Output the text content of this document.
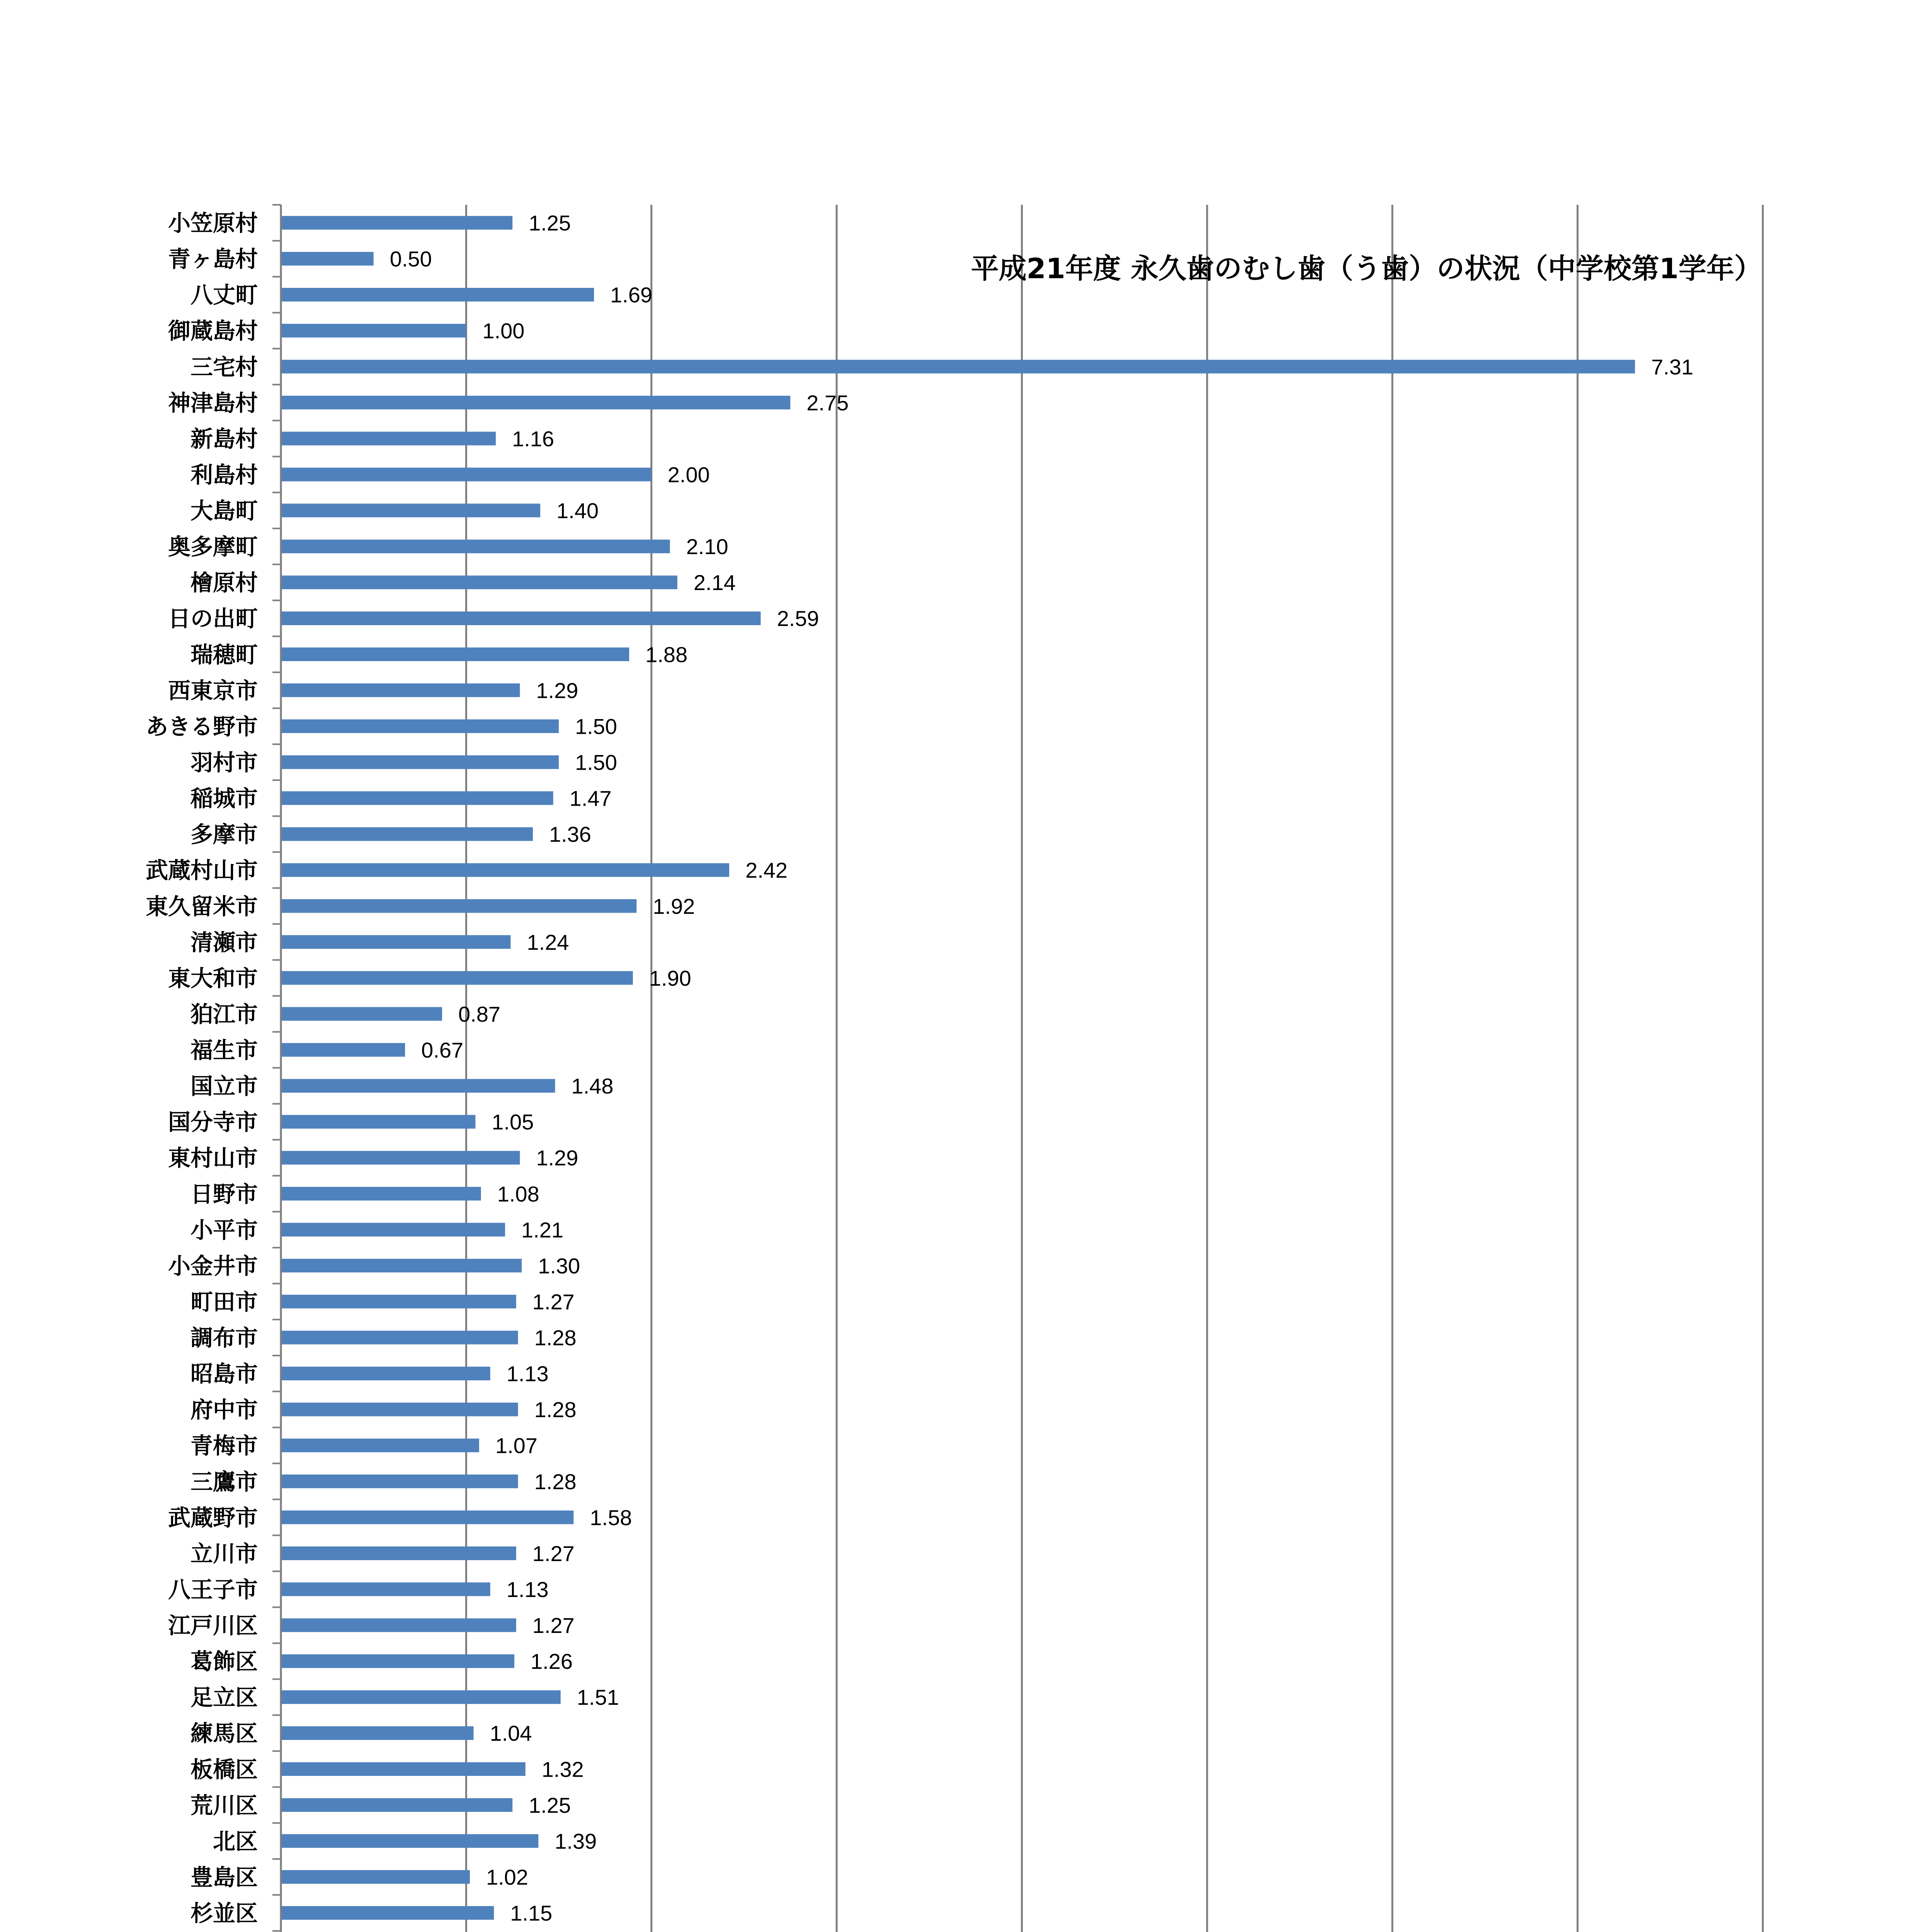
1.25
小笠原村
0.50
青ヶ島村
1.69
八丈町
1.00
御蔵島村
7.31
三宅村
2.75
神津島村
1.16
新島村
2.00
利島村
1.40
大島町
2.10
奥多摩町
2.14
檜原村
2.59
日の出町
1.88
瑞穂町
1.29
西東京市
1.50
あきる野市
1.50
羽村市
1.47
稲城市
1.36
多摩市
2.42
武蔵村山市
1.92
東久留米市
1.24
清瀬市
1.90
東大和市
0.87
狛江市
0.67
福生市
1.48
国立市
1.05
国分寺市
1.29
東村山市
1.08
日野市
1.21
小平市
1.30
小金井市
1.27
町田市
1.28
調布市
1.13
昭島市
1.28
府中市
1.07
青梅市
1.28
三鷹市
1.58
武蔵野市
1.27
立川市
1.13
八王子市
1.27
江戸川区
1.26
葛飾区
1.51
足立区
1.04
練馬区
1.32
板橋区
1.25
荒川区
1.39
北区
1.02
豊島区
1.15
杉並区
平成21年度 永久歯のむし歯（う歯）の状況（中学校第1学年）
